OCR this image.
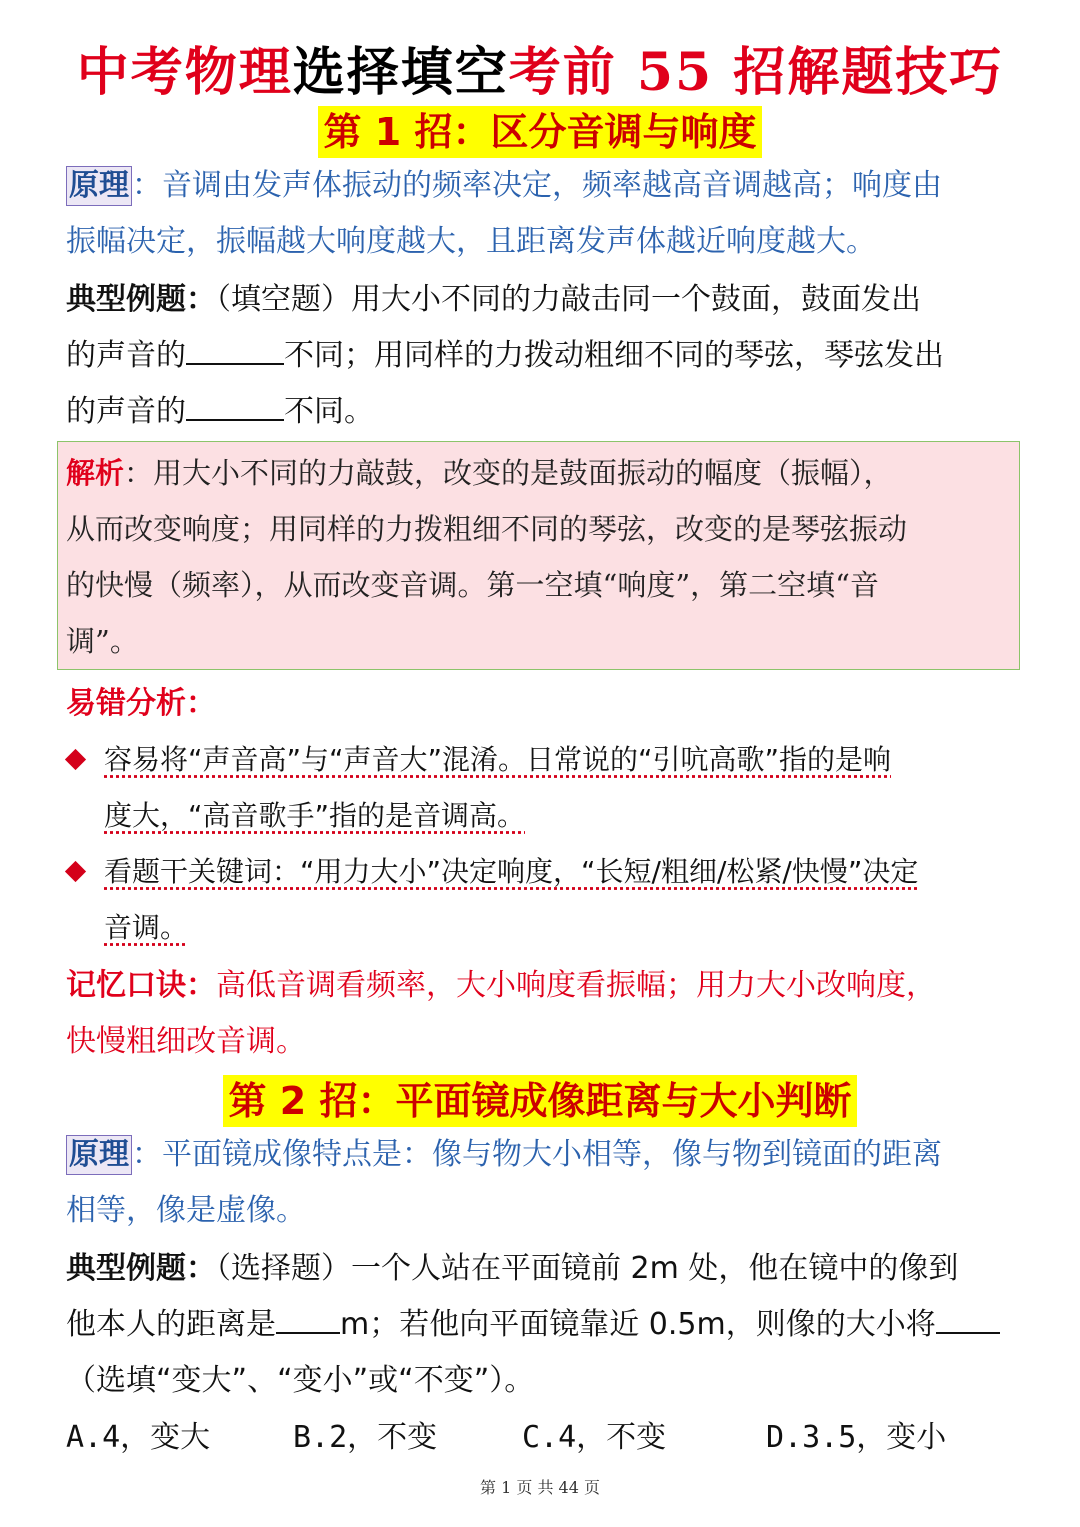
中考物理选择填空考前 55 招解题技巧
第 1 招：区分音调与响度
原理 ：音调由发声体振动的频率决定，频率越高音调越高；响度由
振幅决定，振幅越大响度越大，且距离发声体越近响度越大。
典型例题：（填空题）用大小不同的力敲击同一个鼓面，鼓面发出
的声音的	不同；用同样的力拨动粗细不同的琴弦，琴弦发出
的声音的	不同。
解析：用大小不同的力敲鼓，改变的是鼓面振动的幅度（振幅），
从而改变响度；用同样的力拨粗细不同的琴弦，改变的是琴弦振动
的快慢（频率），从而改变音调。第一空填“响度”，第二空填“音
调”。
易错分析：
容易将“声音高”与“声音大”混淆。日常说的“引吭高歌”指的是响
度大，“高音歌手”指的是音调高。
看题干关键词：“用力大小”决定响度，“长短/粗细/松紧/快慢”决定
音调。
记忆口诀：高低音调看频率，大小响度看振幅；用力大小改响度，
快慢粗细改音调。
第 2 招：平面镜成像距离与大小判断
原理 ：平面镜成像特点是：像与物大小相等，像与物到镜面的距离
相等，像是虚像。
典型例题：（选择题）一个人站在平面镜前 2m 处，他在镜中的像到
他本人的距离是 m；若他向平面镜靠近 0.5m，则像的大小将
（选填“变大”、“变小”或“不变”）。
A.4，变大	B.2，不变	C.4，不变	D.3.5，变小
第 1 页 共 44 页
